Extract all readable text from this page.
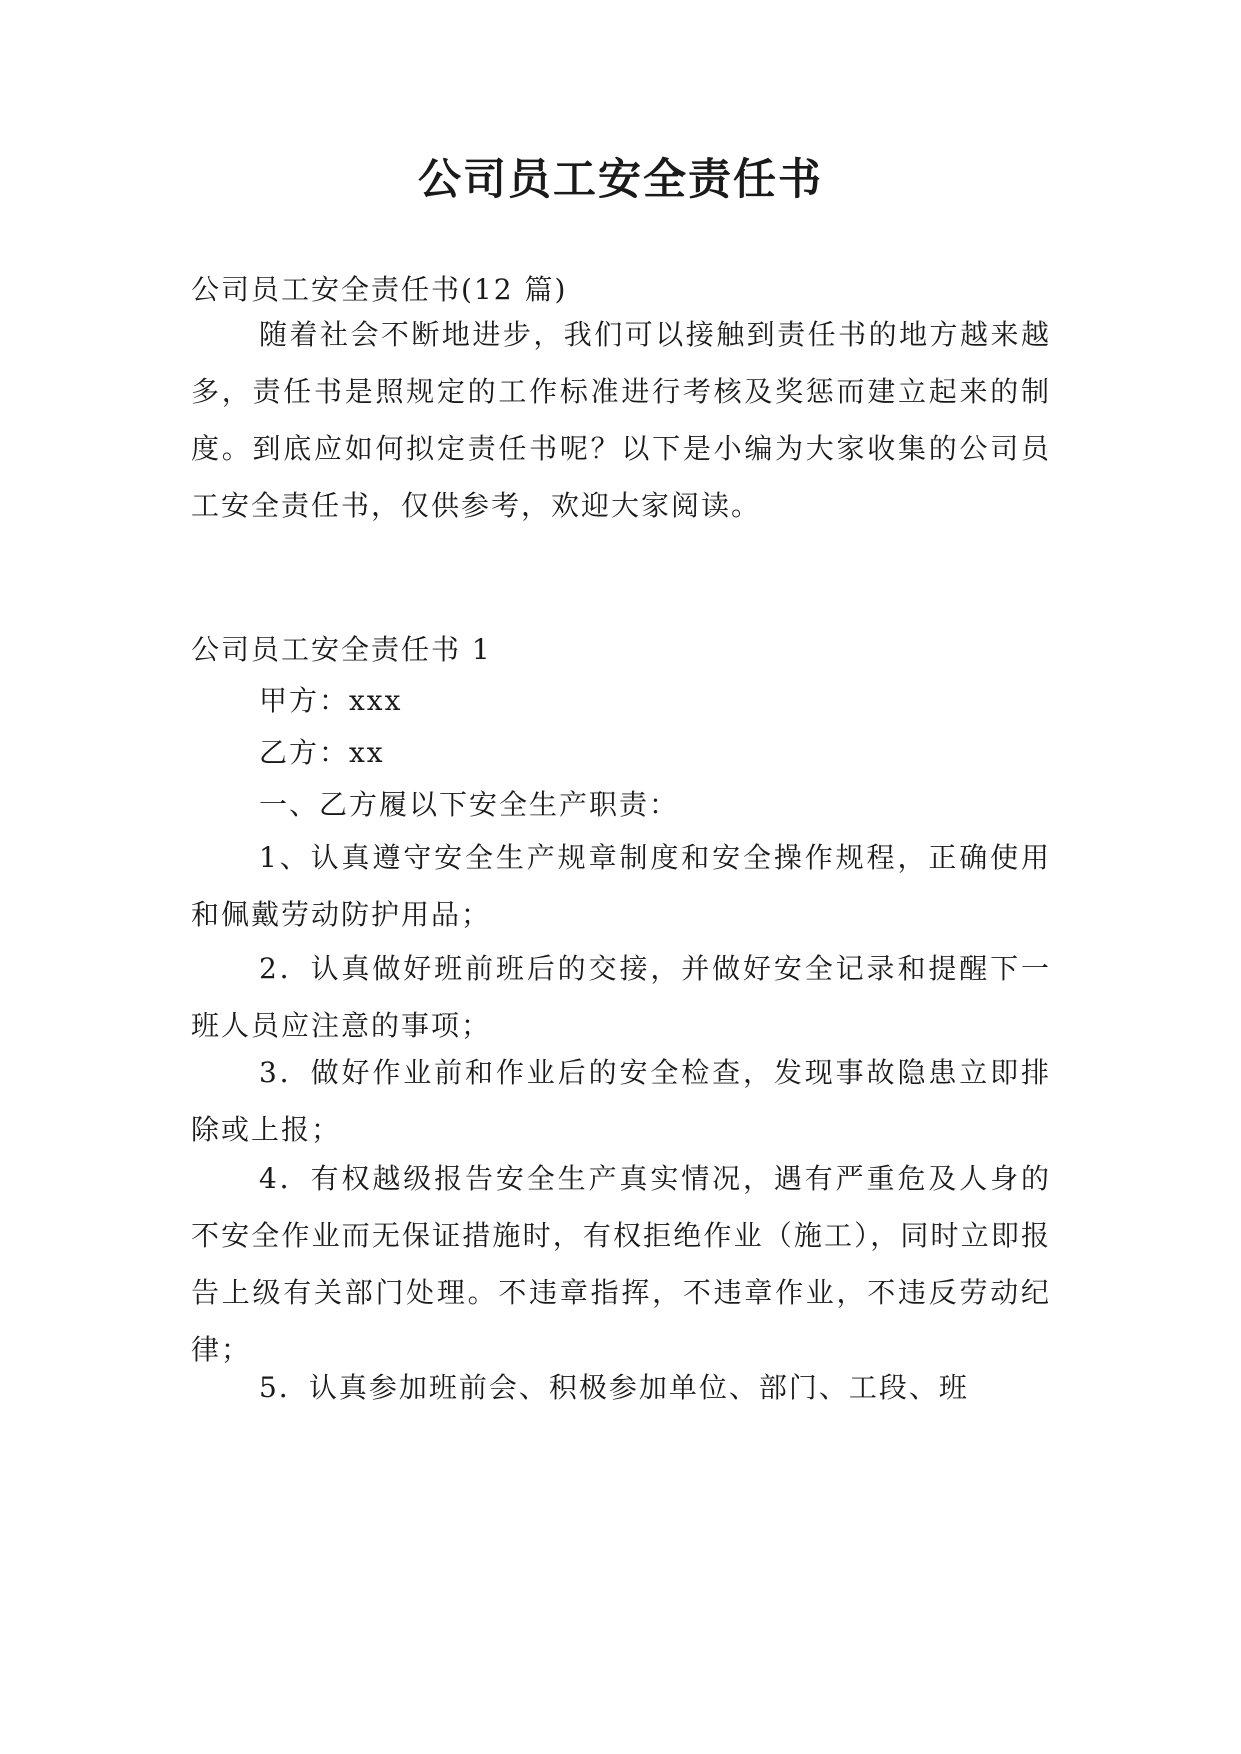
公司员工安全责任书

公司员工安全责任书(12 篇)

随着社会不断地进步，我们可以接触到责任书的地方越来越多，责任书是照规定的工作标准进行考核及奖惩而建立起来的制度。到底应如何拟定责任书呢？以下是小编为大家收集的公司员工安全责任书，仅供参考，欢迎大家阅读。

公司员工安全责任书 1

甲方：xxx

乙方：xx

一、乙方履以下安全生产职责：

1、认真遵守安全生产规章制度和安全操作规程，正确使用和佩戴劳动防护用品；

2．认真做好班前班后的交接，并做好安全记录和提醒下一班人员应注意的事项；

3．做好作业前和作业后的安全检查，发现事故隐患立即排除或上报；

4．有权越级报告安全生产真实情况，遇有严重危及人身的不安全作业而无保证措施时，有权拒绝作业（施工），同时立即报告上级有关部门处理。不违章指挥，不违章作业，不违反劳动纪律；

5．认真参加班前会、积极参加单位、部门、工段、班
